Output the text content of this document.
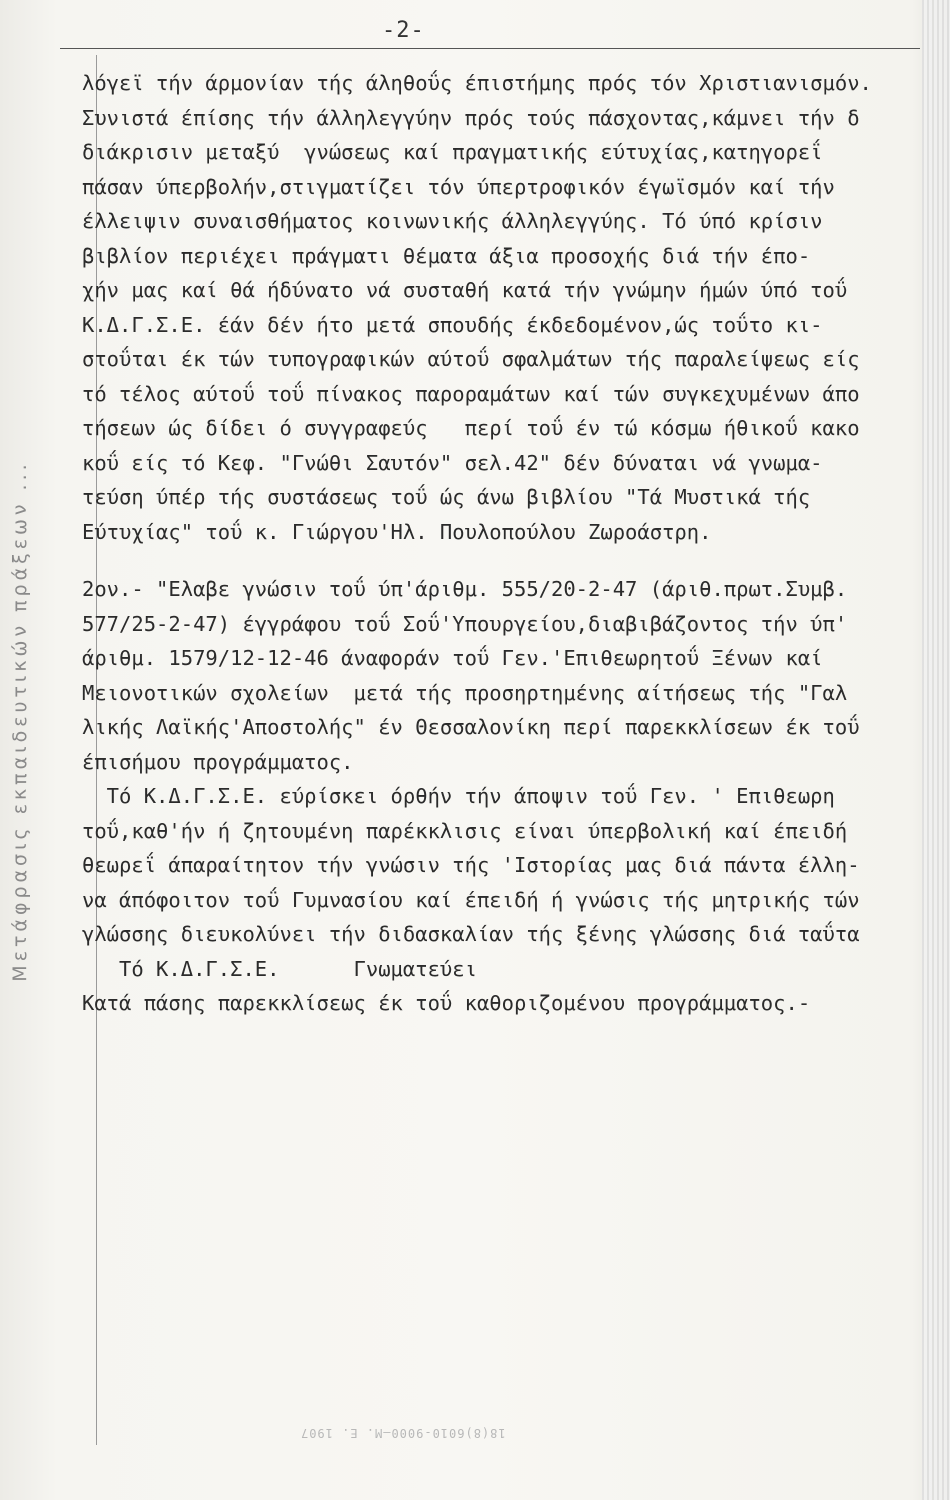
-2-
Μετάφρασις εκπαιδευτικών πράξεων ...
λόγεϊ τήν άρμονίαν τής άληθοΰς έπιστήμης πρός τόν Χριστιανισμόν.
Συνιστά έπίσης τήν άλληλεγγύην πρός τούς πάσχοντας,κάμνει τήν δ
διάκρισιν μεταξύ  γνώσεως καί πραγματικής εύτυχίας,κατηγορεΐ
πάσαν ύπερβολήν,στιγματίζει τόν ύπερτροφικόν έγωϊσμόν καί τήν
έλλειψιν συναισθήματος κοινωνικής άλληλεγγύης. Τό ύπό κρίσιν
βιβλίον περιέχει πράγματι θέματα άξια προσοχής διά τήν έπο-
χήν μας καί θά ήδύνατο νά συσταθή κατά τήν γνώμην ήμών ύπό τοΰ
Κ.Δ.Γ.Σ.Ε. έάν δέν ήτο μετά σπουδής έκδεδομένον,ώς τοΰτο κι-
στοΰται έκ τών τυπογραφικών αύτοΰ σφαλμάτων τής παραλείψεως είς
τό τέλος αύτοΰ τοΰ πίνακος παροραμάτων καί τών συγκεχυμένων άπο
τήσεων ώς δίδει ό συγγραφεύς   περί τοΰ έν τώ κόσμω ήθικοΰ κακο
κοΰ είς τό Κεφ. "Γνώθι Σαυτόν" σελ.42" δέν δύναται νά γνωμα-
τεύση ύπέρ τής συστάσεως τοΰ ώς άνω βιβλίου "Τά Μυστικά τής
Εύτυχίας" τοΰ κ. Γιώργου'Ηλ. Πουλοπούλου Ζωροάστρη.
2ον.- "Ελαβε γνώσιν τοΰ ύπ'άριθμ. 555/20-2-47 (άριθ.πρωτ.Συμβ.
577/25-2-47) έγγράφου τοΰ Σοΰ'Υπουργείου,διαβιβάζοντος τήν ύπ'
άριθμ. 1579/12-12-46 άναφοράν τοΰ Γεν.'Επιθεωρητοΰ Ξένων καί
Μειονοτικών σχολείων  μετά τής προσηρτημένης αίτήσεως τής "Γαλ
λικής Λαϊκής'Αποστολής" έν Θεσσαλονίκη περί παρεκκλίσεων έκ τοΰ
έπισήμου προγράμματος.
Τό Κ.Δ.Γ.Σ.Ε. εύρίσκει όρθήν τήν άποψιν τοΰ Γεν. ' Επιθεωρη
τοΰ,καθ'ήν ή ζητουμένη παρέκκλισις είναι ύπερβολική καί έπειδή
θεωρεΐ άπαραίτητον τήν γνώσιν τής 'Ιστορίας μας διά πάντα έλλη-
να άπόφοιτον τοΰ Γυμνασίου καί έπειδή ή γνώσις τής μητρικής τών
γλώσσης διευκολύνει τήν διδασκαλίαν τής ξένης γλώσσης διά ταΰτα
Τό Κ.Δ.Γ.Σ.Ε.      Γνωματεύει
Κατά πάσης παρεκκλίσεως έκ τοΰ καθοριζομένου προγράμματος.-
18(8)6010-9000—M. E. 1907
